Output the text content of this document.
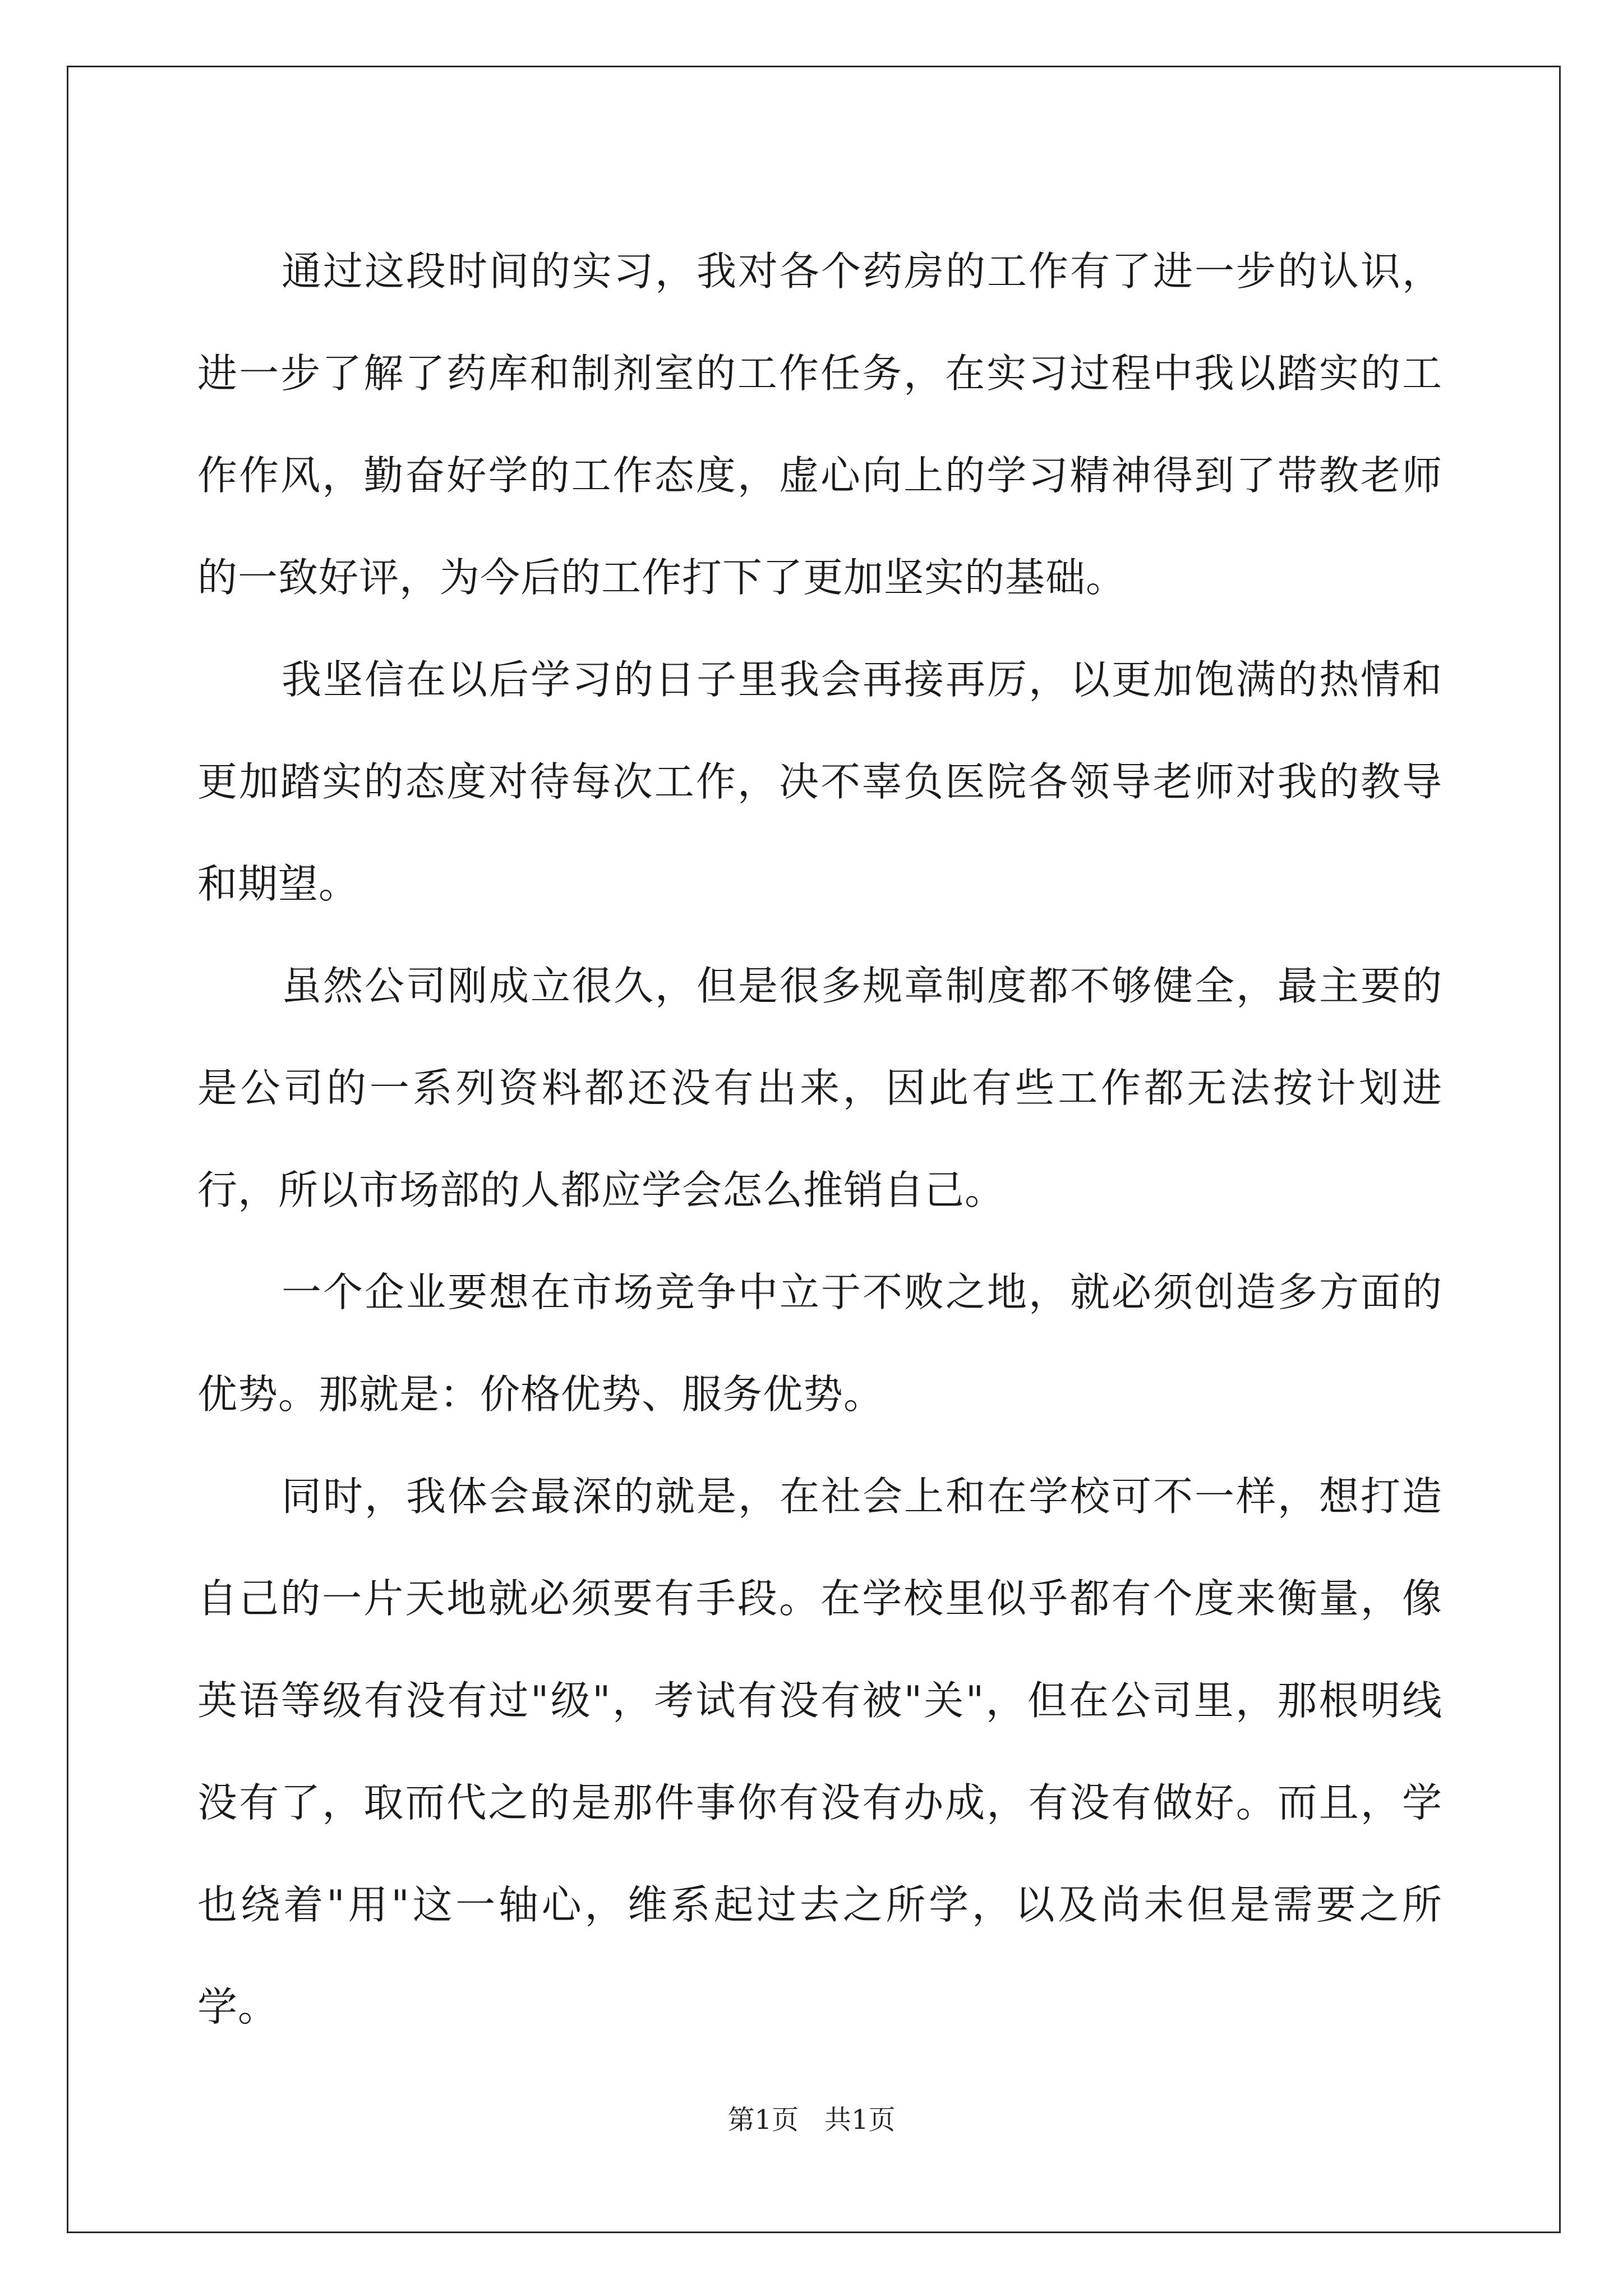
通过这段时间的实习，我对各个药房的工作有了进一步的认识，进一步了解了药库和制剂室的工作任务，在实习过程中我以踏实的工作作风，勤奋好学的工作态度，虚心向上的学习精神得到了带教老师的一致好评，为今后的工作打下了更加坚实的基础。

我坚信在以后学习的日子里我会再接再厉，以更加饱满的热情和更加踏实的态度对待每次工作，决不辜负医院各领导老师对我的教导和期望。

虽然公司刚成立很久，但是很多规章制度都不够健全，最主要的是公司的一系列资料都还没有出来，因此有些工作都无法按计划进行，所以市场部的人都应学会怎么推销自己。

一个企业要想在市场竞争中立于不败之地，就必须创造多方面的优势。那就是：价格优势、服务优势。

同时，我体会最深的就是，在社会上和在学校可不一样，想打造自己的一片天地就必须要有手段。在学校里似乎都有个度来衡量，像英语等级有没有过"级"，考试有没有被"关"，但在公司里，那根明线没有了，取而代之的是那件事你有没有办成，有没有做好。而且，学也绕着"用"这一轴心，维系起过去之所学，以及尚未但是需要之所学。

第1页 共1页
